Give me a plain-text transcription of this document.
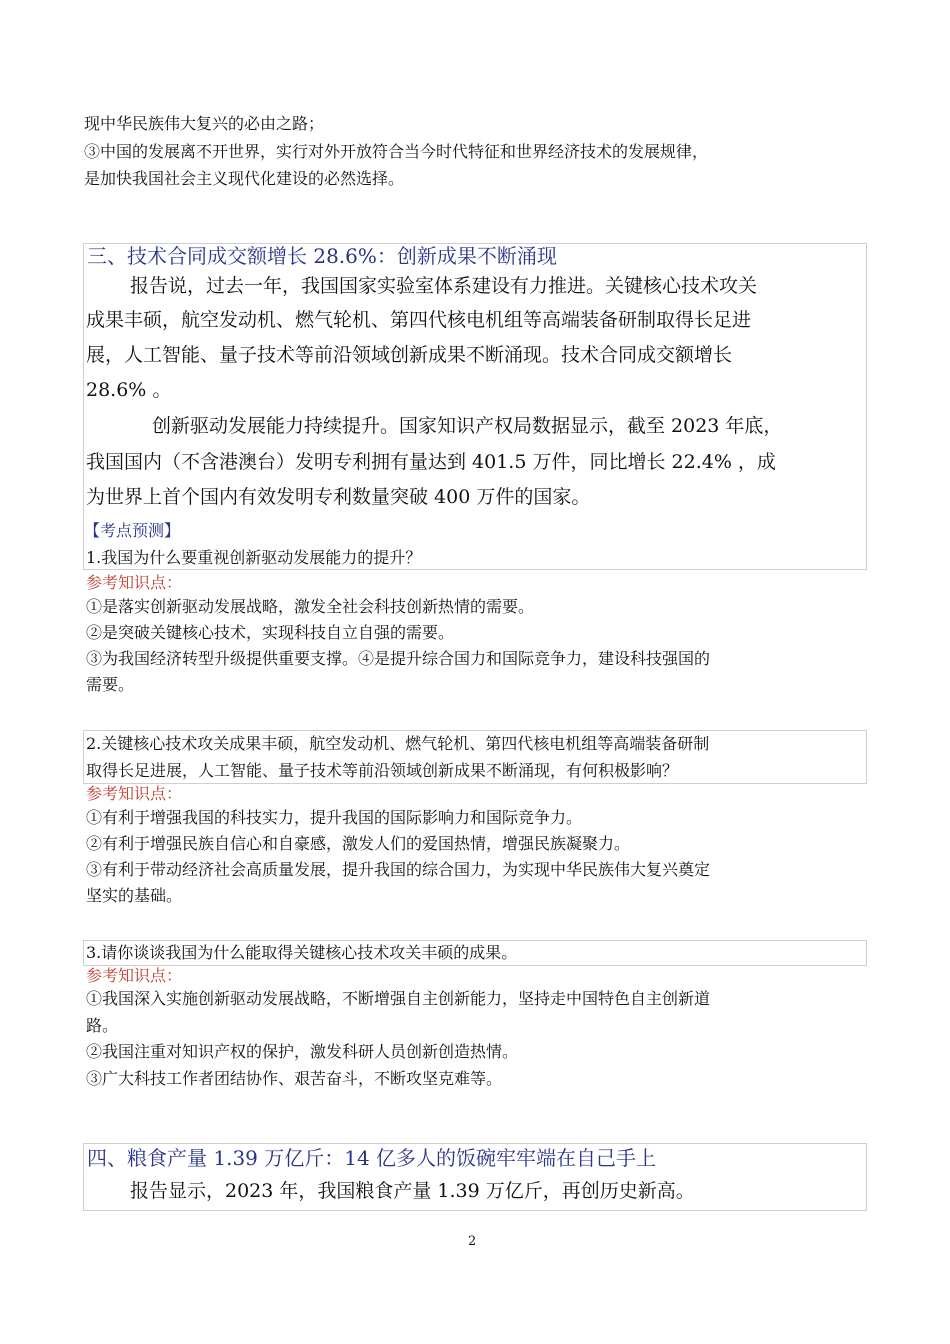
现中华民族伟大复兴的必由之路；
③中国的发展离不开世界，实行对外开放符合当今时代特征和世界经济技术的发展规律，
是加快我国社会主义现代化建设的必然选择。
三、技术合同成交额增长 28.6%：创新成果不断涌现
报告说，过去一年，我国国家实验室体系建设有力推进。关键核心技术攻关
成果丰硕，航空发动机、燃气轮机、第四代核电机组等高端装备研制取得长足进
展，人工智能、量子技术等前沿领域创新成果不断涌现。技术合同成交额增长
28.6% 。
创新驱动发展能力持续提升。国家知识产权局数据显示，截至 2023 年底，
我国国内（不含港澳台）发明专利拥有量达到 401.5 万件，同比增长 22.4% ，成
为世界上首个国内有效发明专利数量突破 400 万件的国家。
【考点预测】
1.我国为什么要重视创新驱动发展能力的提升？
参考知识点：
①是落实创新驱动发展战略，激发全社会科技创新热情的需要。
②是突破关键核心技术，实现科技自立自强的需要。
③为我国经济转型升级提供重要支撑。④是提升综合国力和国际竞争力，建设科技强国的
需要。
2.关键核心技术攻关成果丰硕，航空发动机、燃气轮机、第四代核电机组等高端装备研制
取得长足进展，人工智能、量子技术等前沿领域创新成果不断涌现，有何积极影响？
参考知识点：
①有利于增强我国的科技实力，提升我国的国际影响力和国际竞争力。
②有利于增强民族自信心和自豪感，激发人们的爱国热情，增强民族凝聚力。
③有利于带动经济社会高质量发展，提升我国的综合国力，为实现中华民族伟大复兴奠定
坚实的基础。
3.请你谈谈我国为什么能取得关键核心技术攻关丰硕的成果。
参考知识点：
①我国深入实施创新驱动发展战略，不断增强自主创新能力，坚持走中国特色自主创新道
路。
②我国注重对知识产权的保护，激发科研人员创新创造热情。
③广大科技工作者团结协作、艰苦奋斗，不断攻坚克难等。
四、粮食产量 1.39 万亿斤：14 亿多人的饭碗牢牢端在自己手上
报告显示，2023 年，我国粮食产量 1.39 万亿斤，再创历史新高。
2
